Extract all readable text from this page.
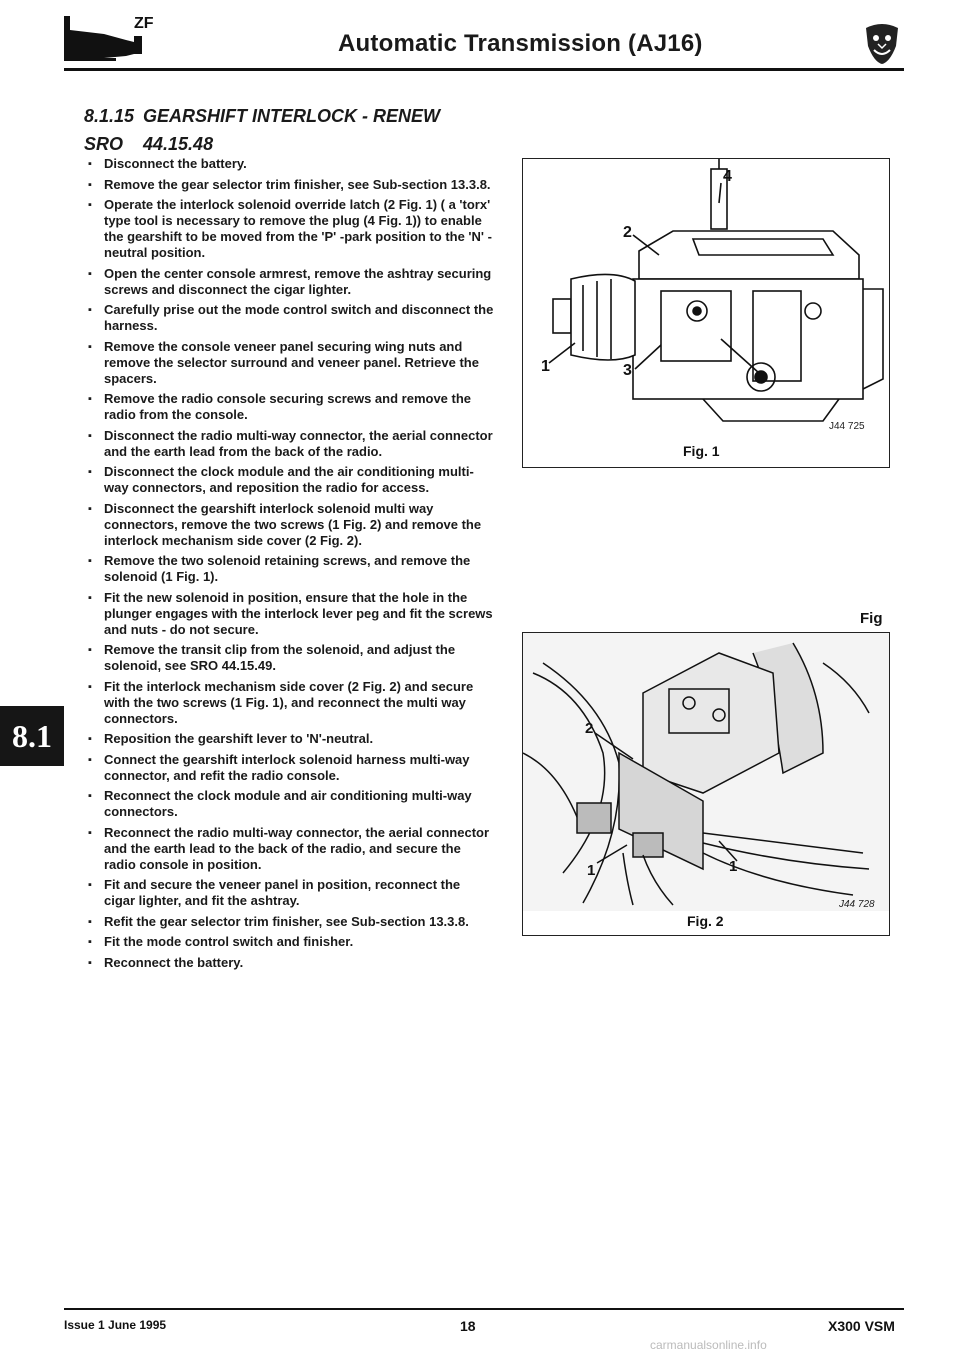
ZF
Automatic Transmission (AJ16)
8.1.15 GEARSHIFT INTERLOCK - RENEW
SRO 44.15.48
▪ Disconnect the battery.
▪ Remove the gear selector trim finisher, see Sub-section 13.3.8.
▪ Operate the interlock solenoid override latch (2 Fig. 1) ( a 'torx' type tool is necessary to remove the plug (4 Fig. 1)) to enable the gearshift to be moved from the 'P' -park position to the 'N' - neutral position.
▪ Open the center console armrest, remove the ashtray securing screws and disconnect the cigar lighter.
▪ Carefully prise out the mode control switch and disconnect the harness.
▪ Remove the console veneer panel securing wing nuts and remove the selector surround and veneer panel. Retrieve the spacers.
▪ Remove the radio console securing screws and remove the radio from the console.
▪ Disconnect the radio multi-way connector, the aerial connector and the earth lead from the back of the radio.
▪ Disconnect the clock module and the air conditioning multi-way connectors, and reposition the radio for access.
▪ Disconnect the gearshift interlock solenoid multi way connectors, remove the two screws (1 Fig. 2) and remove the interlock mechanism side cover (2 Fig. 2).
▪ Remove the two solenoid retaining screws, and remove the solenoid (1 Fig. 1).
▪ Fit the new solenoid in position, ensure that the hole in the plunger engages with the interlock lever peg and fit the screws and nuts - do not secure.
▪ Remove the transit clip from the solenoid, and adjust the solenoid, see SRO 44.15.49.
▪ Fit the interlock mechanism side cover (2 Fig. 2) and secure with the two screws (1 Fig. 1), and reconnect the multi way connectors.
▪ Reposition the gearshift lever to 'N'-neutral.
▪ Connect the gearshift interlock solenoid harness multi-way connector, and refit the radio console.
▪ Reconnect the clock module and air conditioning multi-way connectors.
▪ Reconnect the radio multi-way connector, the aerial connector and the earth lead to the back of the radio, and secure the radio console in position.
▪ Fit and secure the veneer panel in position, reconnect the cigar lighter, and fit the ashtray.
▪ Refit the gear selector trim finisher, see Sub-section 13.3.8.
▪ Fit the mode control switch and finisher.
▪ Reconnect the battery.
8.1
4
2
1	3
J44 725
Fig. 1
Fig
2
1	1
J44 728
Fig. 2
Issue 1 June 1995	18	X300 VSM
carmanualsonline.info
